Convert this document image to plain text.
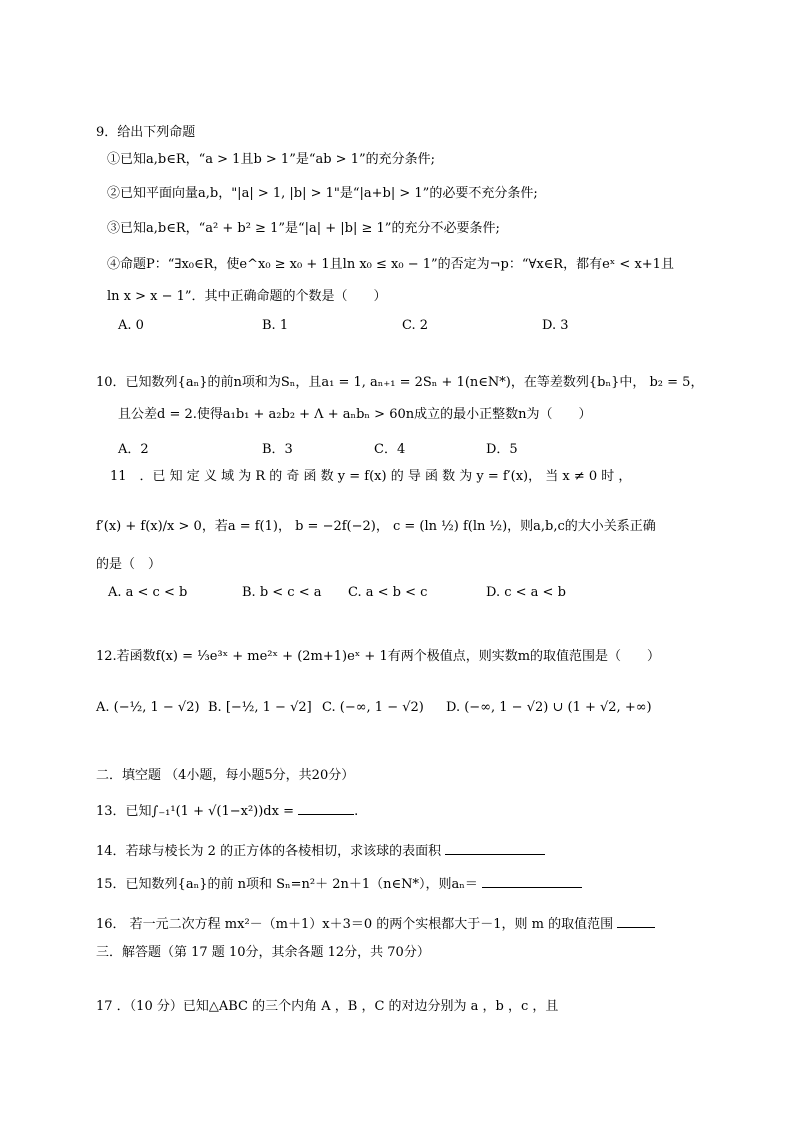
9．给出下列命题
①已知a,b∈R，“a > 1且b > 1”是“ab > 1”的充分条件;
②已知平面向量a,b，"|a| > 1, |b| > 1"是“|a+b| > 1”的必要不充分条件;
③已知a,b∈R，“a² + b² ≥ 1”是“|a| + |b| ≥ 1”的充分不必要条件;
④命题P：“∃x₀∈R，使e^x₀ ≥ x₀ + 1且ln x₀ ≤ x₀ − 1”的否定为¬p：“∀x∈R，都有eˣ < x+1且
ln x > x − 1”．其中正确命题的个数是（　　）
A. 0	B. 1	C. 2	D. 3
10．已知数列{aₙ}的前n项和为Sₙ，且a₁ = 1, aₙ₊₁ = 2Sₙ + 1(n∈N*)，在等差数列{bₙ}中， b₂ = 5，
且公差d = 2.使得a₁b₁ + a₂b₂ + Λ + aₙbₙ > 60n成立的最小正整数n为（　　）
A．2	B．3	C．4	D．5
11　．已 知 定 义 域 为 R 的 奇 函 数 y = f(x) 的 导 函 数 为 y = f′(x)， 当 x ≠ 0 时 ，
f′(x) + f(x)/x > 0，若a = f(1)， b = −2f(−2)， c = (ln ½) f(ln ½)，则a,b,c的大小关系正确
的是（　）
A. a < c < b	B. b < c < a C. a < b < c	D. c < a < b
12.若函数f(x) = ⅓e³ˣ + me²ˣ + (2m+1)eˣ + 1有两个极值点，则实数m的取值范围是（　　）
A. (−½, 1 − √2) B. [−½, 1 − √2] C. (−∞, 1 − √2) D. (−∞, 1 − √2) ∪ (1 + √2, +∞)
二．填空题 （4小题，每小题5分，共20分）
13．已知∫₋₁¹(1 + √(1−x²))dx =	.
14．若球与棱长为 2 的正方体的各棱相切，求该球的表面积
15．已知数列{aₙ}的前 n项和 Sₙ=n²＋ 2n＋1（n∈N*），则aₙ＝
16． 若一元二次方程 mx²－（m＋1）x＋3＝0 的两个实根都大于－1，则 m 的取值范围
三．解答题（第 17 题 10分，其余各题 12分，共 70分）
17 ．（10 分）已知△ABC 的三个内角 A ，B ，C 的对边分别为 a ，b ，c ，且
